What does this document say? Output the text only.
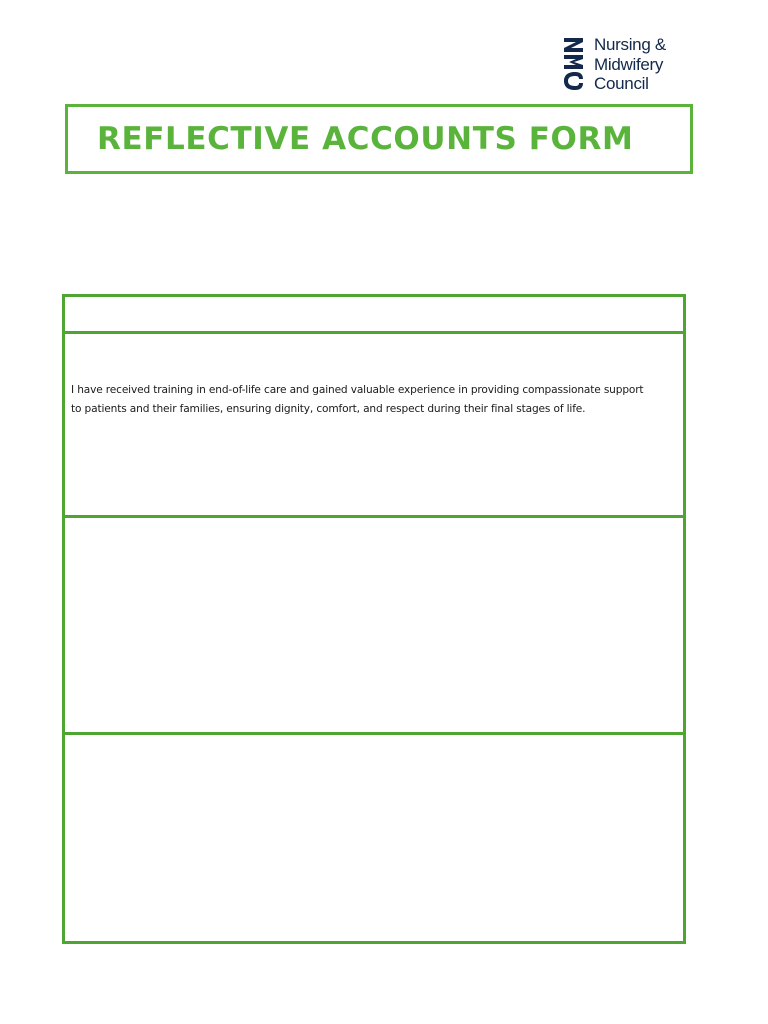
Nursing &
Midwifery
Council
REFLECTIVE ACCOUNTS FORM

I have received training in end-of-life care and gained valuable experience in providing compassionate support to patients and their families, ensuring dignity, comfort, and respect during their final stages of life.
